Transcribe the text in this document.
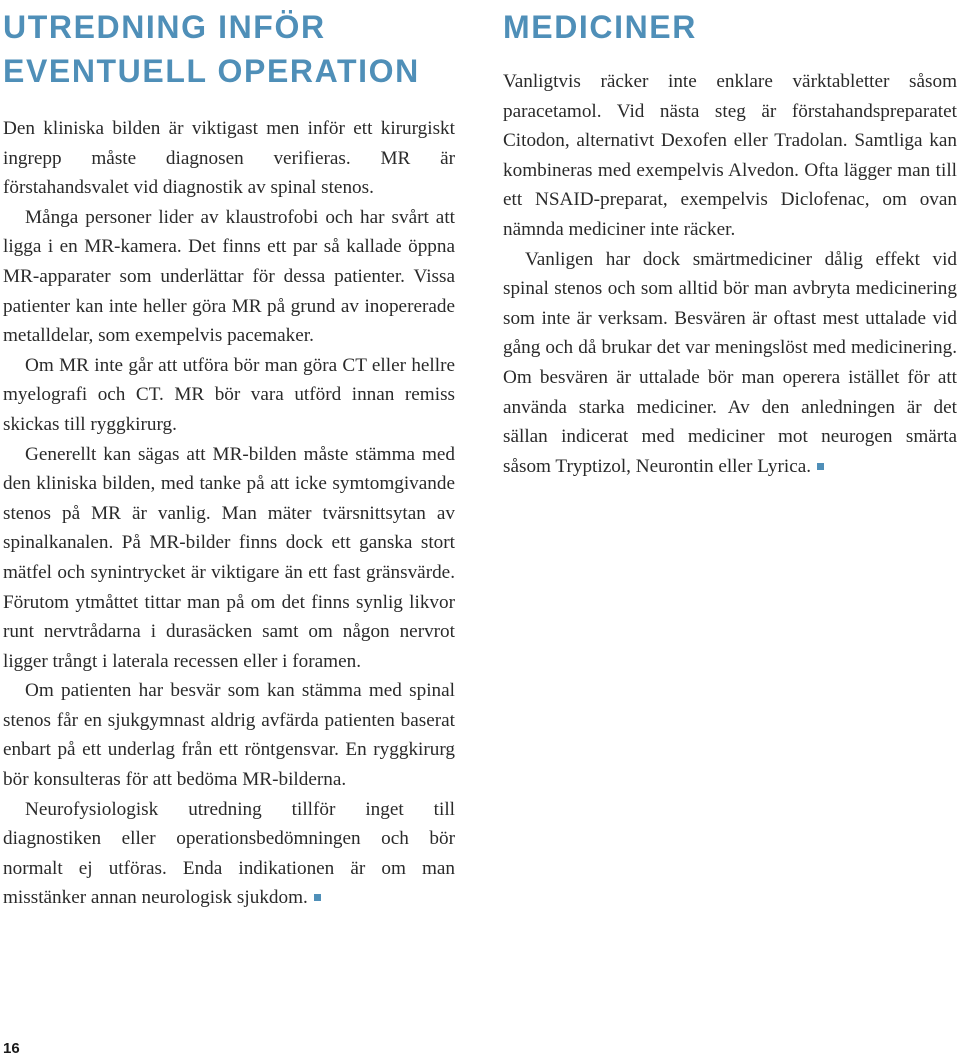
UTREDNING INFÖR EVENTUELL OPERATION

Den kliniska bilden är viktigast men inför ett kirurgiskt ingrepp måste diagnosen verifieras. MR är förstahandsvalet vid diagnostik av spinal stenos.

Många personer lider av klaustrofobi och har svårt att ligga i en MR-kamera. Det finns ett par så kallade öppna MR-apparater som underlättar för dessa patienter. Vissa patienter kan inte heller göra MR på grund av inopererade metalldelar, som exempelvis pacemaker.

Om MR inte går att utföra bör man göra CT eller hellre myelografi och CT. MR bör vara utförd innan remiss skickas till ryggkirurg.

Generellt kan sägas att MR-bilden måste stämma med den kliniska bilden, med tanke på att icke symtomgivande stenos på MR är vanlig. Man mäter tvärsnittsytan av spinalkanalen. På MR-bilder finns dock ett ganska stort mätfel och synintrycket är viktigare än ett fast gränsvärde. Förutom ytmåttet tittar man på om det finns synlig likvor runt nervtrådarna i durasäcken samt om någon nervrot ligger trångt i laterala recessen eller i foramen.

Om patienten har besvär som kan stämma med spinal stenos får en sjukgymnast aldrig avfärda patienten baserat enbart på ett underlag från ett röntgensvar. En ryggkirurg bör konsulteras för att bedöma MR-bilderna.

Neurofysiologisk utredning tillför inget till diagnostiken eller operationsbedömningen och bör normalt ej utföras. Enda indikationen är om man misstänker annan neurologisk sjukdom.

MEDICINER

Vanligtvis räcker inte enklare värktabletter såsom paracetamol. Vid nästa steg är förstahandspreparatet Citodon, alternativt Dexofen eller Tradolan. Samtliga kan kombineras med exempelvis Alvedon. Ofta lägger man till ett NSAID-preparat, exempelvis Diclofenac, om ovan nämnda mediciner inte räcker.

Vanligen har dock smärtmediciner dålig effekt vid spinal stenos och som alltid bör man avbryta medicinering som inte är verksam. Besvären är oftast mest uttalade vid gång och då brukar det var meningslöst med medicinering. Om besvären är uttalade bör man operera istället för att använda starka mediciner. Av den anledningen är det sällan indicerat med mediciner mot neurogen smärta såsom Tryptizol, Neurontin eller Lyrica.

16
